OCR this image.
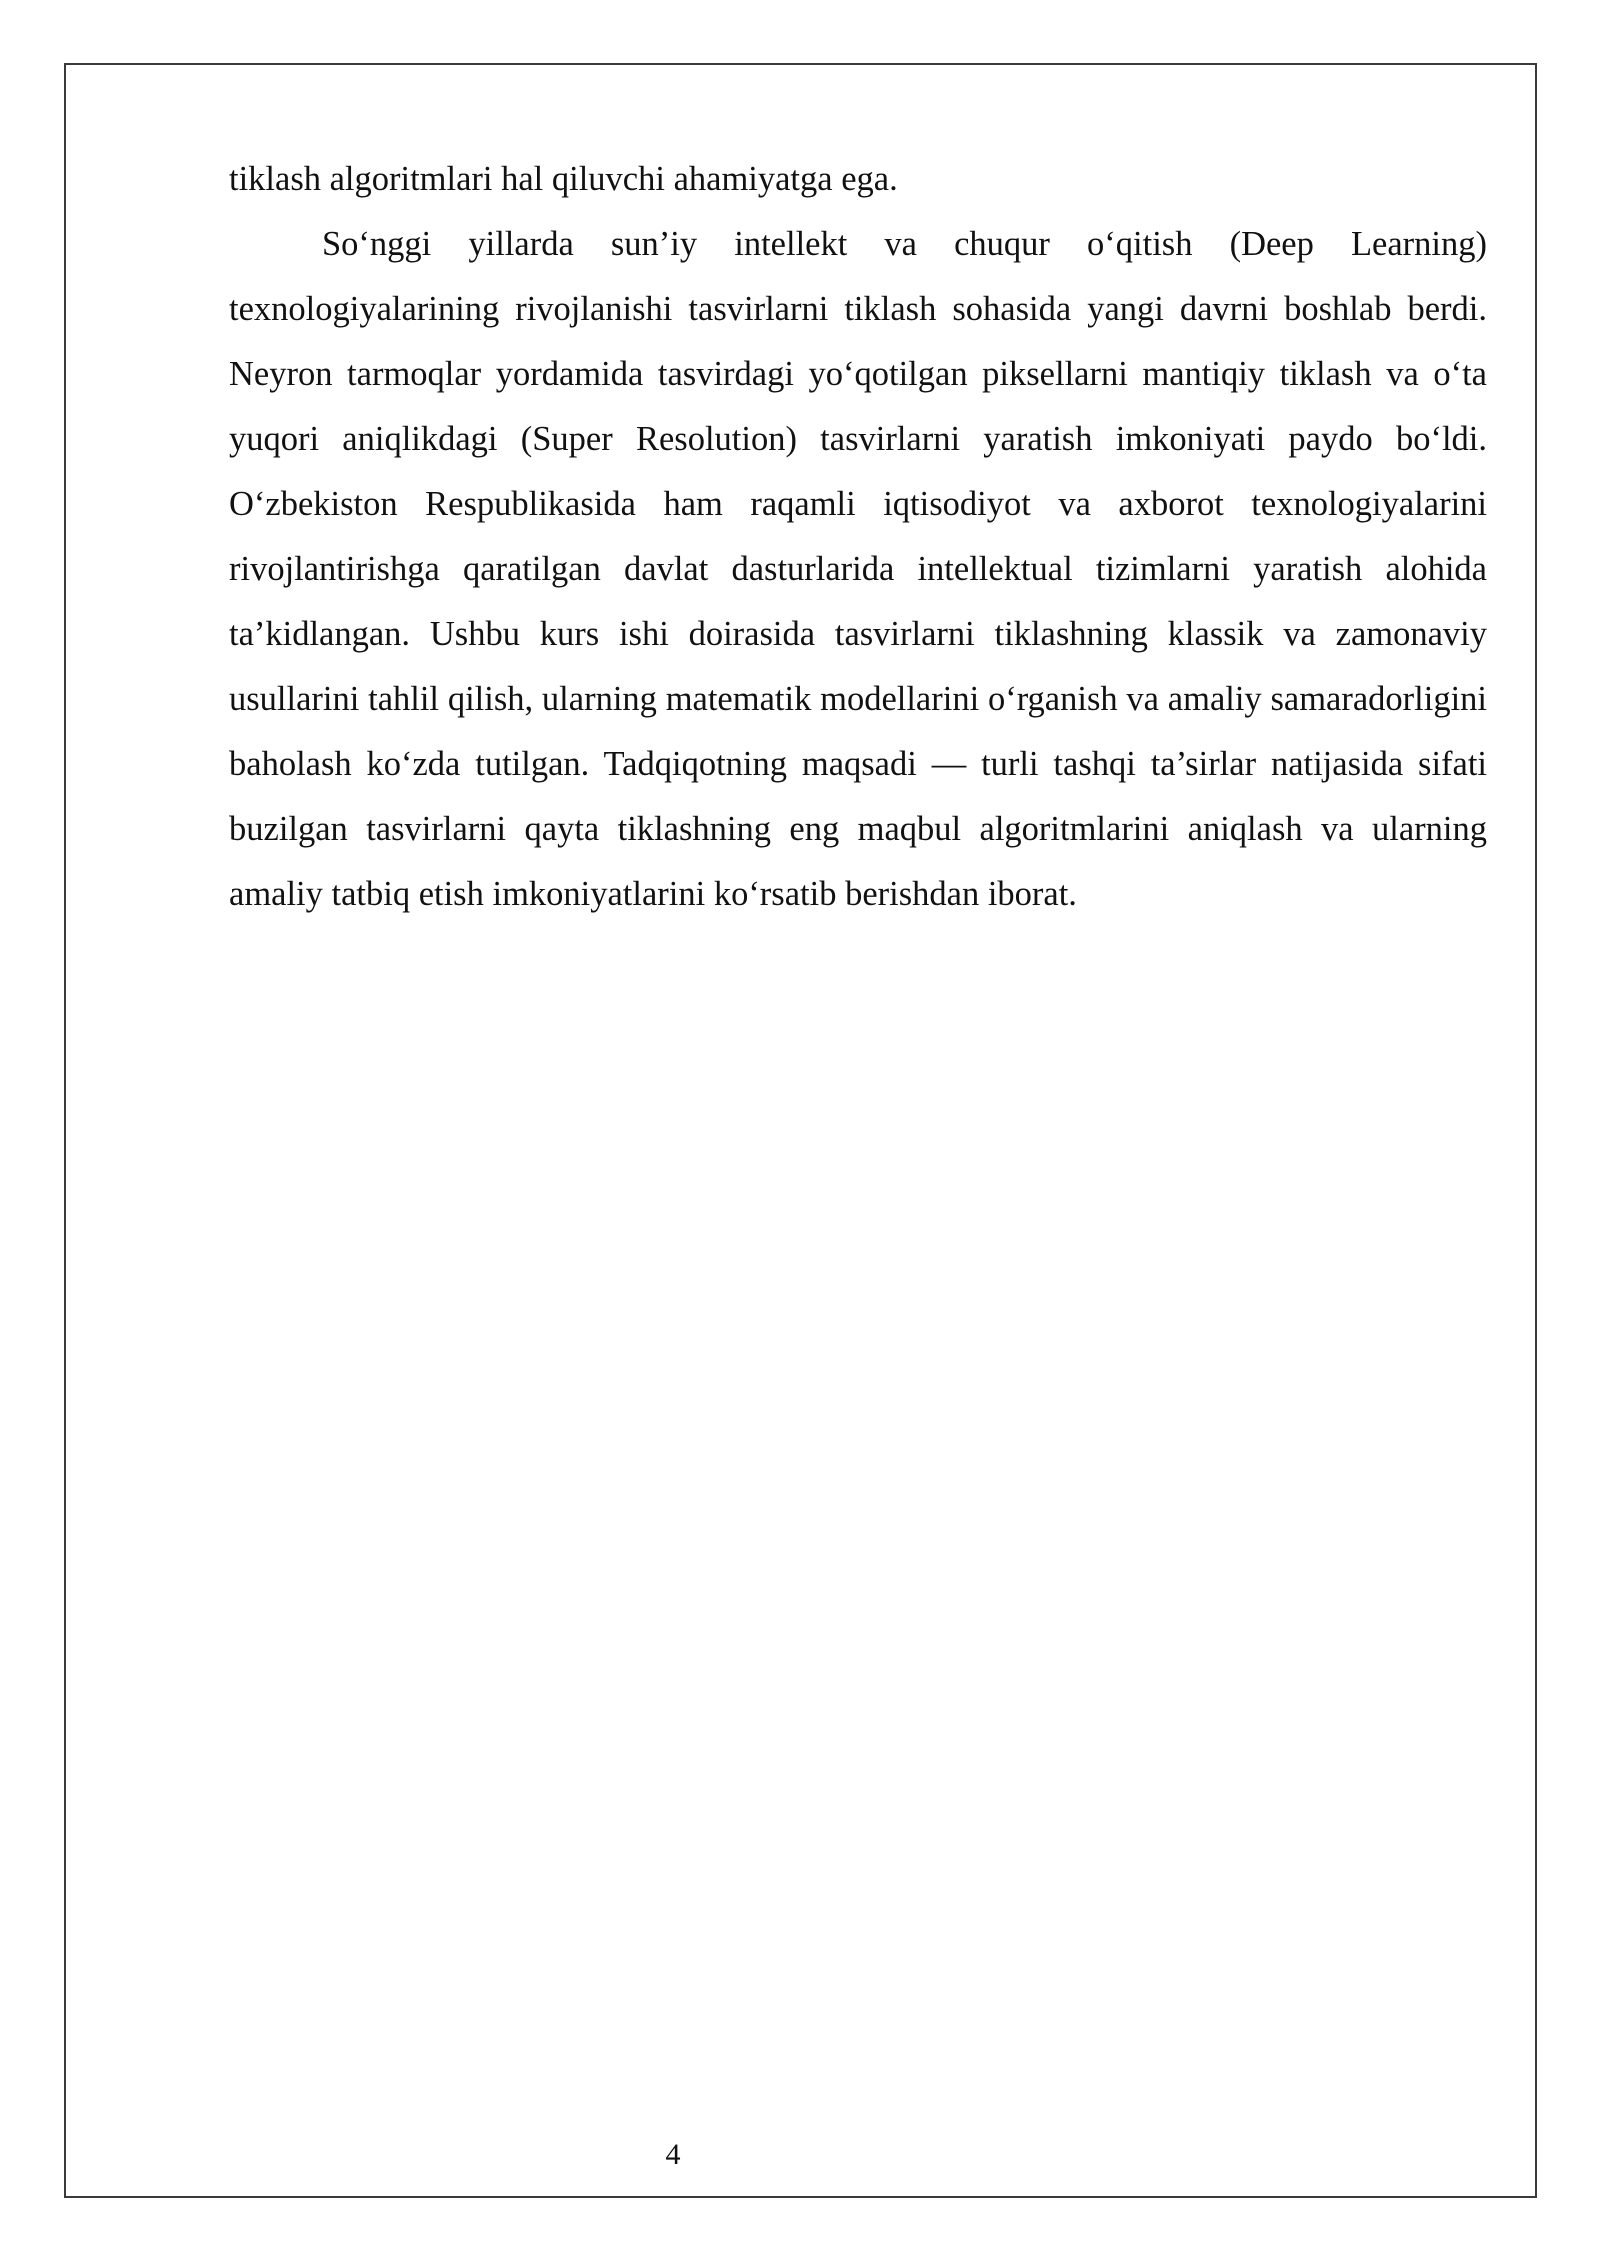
tiklash algoritmlari hal qiluvchi ahamiyatga ega.

So‘nggi yillarda sun’iy intellekt va chuqur o‘qitish (Deep Learning) texnologiyalarining rivojlanishi tasvirlarni tiklash sohasida yangi davrni boshlab berdi. Neyron tarmoqlar yordamida tasvirdagi yo‘qotilgan piksellarni mantiqiy tiklash va o‘ta yuqori aniqlikdagi (Super Resolution) tasvirlarni yaratish imkoniyati paydo bo‘ldi. O‘zbekiston Respublikasida ham raqamli iqtisodiyot va axborot texnologiyalarini rivojlantirishga qaratilgan davlat dasturlarida intellektual tizimlarni yaratish alohida ta’kidlangan. Ushbu kurs ishi doirasida tasvirlarni tiklashning klassik va zamonaviy usullarini tahlil qilish, ularning matematik modellarini o‘rganish va amaliy samaradorligini baholash ko‘zda tutilgan. Tadqiqotning maqsadi — turli tashqi ta’sirlar natijasida sifati buzilgan tasvirlarni qayta tiklashning eng maqbul algoritmlarini aniqlash va ularning amaliy tatbiq etish imkoniyatlarini ko‘rsatib berishdan iborat.

4
